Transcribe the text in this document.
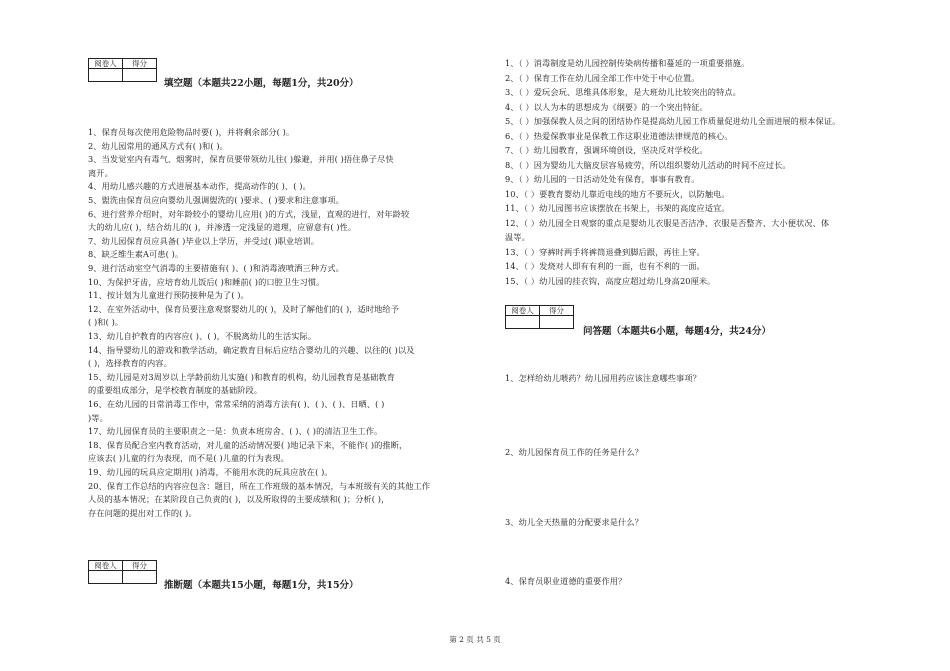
阅卷人	得分

填空题（本题共22小题，每题1分，共20分）
1、保育员每次使用危险物品时要( )，并将剩余部分( )。
2、幼儿园常用的通风方式有( )和( )。
3、当发觉室内有毒气、烟雾时，保育员要带领幼儿往( )躲避，并用( )捂住鼻子尽快
离开。
4、用幼儿感兴趣的方式进展基本动作，提高动作的( )、( )。
5、盥洗由保育员应向婴幼儿强调盥洗的( )要求、( )要求和注意事项。
6、进行营养介绍时，对年龄较小的婴幼儿应用( )的方式，浅显，直观的进行，对年龄较
大的幼儿应( )，结合幼儿的( )，并渗透一定浅显的道理，应留意有( )性。
7、幼儿园保育员应具备( )毕业以上学历，并受过( )职业培训。
8、缺乏维生素A可患( )。
9、进行活动室空气消毒的主要措施有( )、( )和消毒液喷洒三种方式。
10、为保护牙齿，应培育幼儿饭后( )和睡前( )的口腔卫生习惯。
11、按计划为儿童进行预防接种是为了( )。
12、在室外活动中，保育员要注意观察婴幼儿的( )，及时了解他们的( )，适时地给予
( )和( )。
13、幼儿自护教育的内容应( )、( )，不脱离幼儿的生活实际。
14、指导婴幼儿的游戏和教学活动，确定教育目标后应结合婴幼儿的兴趣、以往的( )以及
( )，选择教育的内容。
15、幼儿园是对3周岁以上学龄前幼儿实施( )和教育的机构，幼儿园教育是基础教育
的重要组成部分，是学校教育制度的基础阶段。
16、在幼儿园的日常消毒工作中，常常采纳的消毒方法有( )、( )、( )、日晒、( )
)等。
17、幼儿园保育员的主要职责之一是：负责本班房舍、( )、( )的清洁卫生工作。
18、保育员配合室内教育活动，对儿童的活动情况要( )地记录下来，不能作( )的推断，
应该去( )儿童的行为表现，而不是( )儿童的行为表现。
19、幼儿园的玩具应定期用( )消毒，不能用水洗的玩具应放在( )。
20、保育工作总结的内容应包含：题目，所在工作班级的基本情况，与本班级有关的其他工作
人员的基本情况；在某阶段自己负责的( )，以及所取得的主要成绩和( )；分析( )，
存在问题的提出对工作的( )。
阅卷人	得分

推断题（本题共15小题，每题1分，共15分）
1、（ ）消毒制度是幼儿园控制传染病传播和蔓延的一项重要措施。
2、（ ）保育工作在幼儿园全部工作中处于中心位置。
3、（ ）爱玩会玩、思维具体形象，是大班幼儿比较突出的特点。
4、（ ）以人为本的思想成为《纲要》的一个突出特征。
5、（ ）加强保教人员之间的团结协作是提高幼儿园工作质量促进幼儿全面进展的根本保证。
6、（ ）热爱保教事业是保教工作这职业道德法律规范的核心。
7、（ ）幼儿园教育，强调环境创设，坚决反对学校化。
8、（ ）因为婴幼儿大脑皮层容易疲劳，所以组织婴幼儿活动的时间不应过长。
9、（ ）幼儿园的一日活动处处有保育，事事有教育。
10、（ ）要教育婴幼儿靠近电线的地方不要玩火，以防触电。
11、（ ）幼儿园图书应该摆放在书架上，书架的高度应适宜。
12、（ ）幼儿园全日观察的重点是婴幼儿衣服是否洁净、衣服是否整齐、大小便状况、体
温等。
13、（ ）穿裤时两手将裤筒退叠到脚后跟，再往上穿。
14、（ ）发烧对人即有有利的一面，也有不利的一面。
15、（ ）幼儿园的挂衣钩，高度应超过幼儿身高20厘米。
阅卷人	得分

问答题（本题共6小题，每题4分，共24分）
1、怎样给幼儿喂药？幼儿园用药应该注意哪些事项？
2、幼儿园保育员工作的任务是什么？
3、幼儿全天热量的分配要求是什么？
4、保育员职业道德的重要作用？
第 2 页 共 5 页
